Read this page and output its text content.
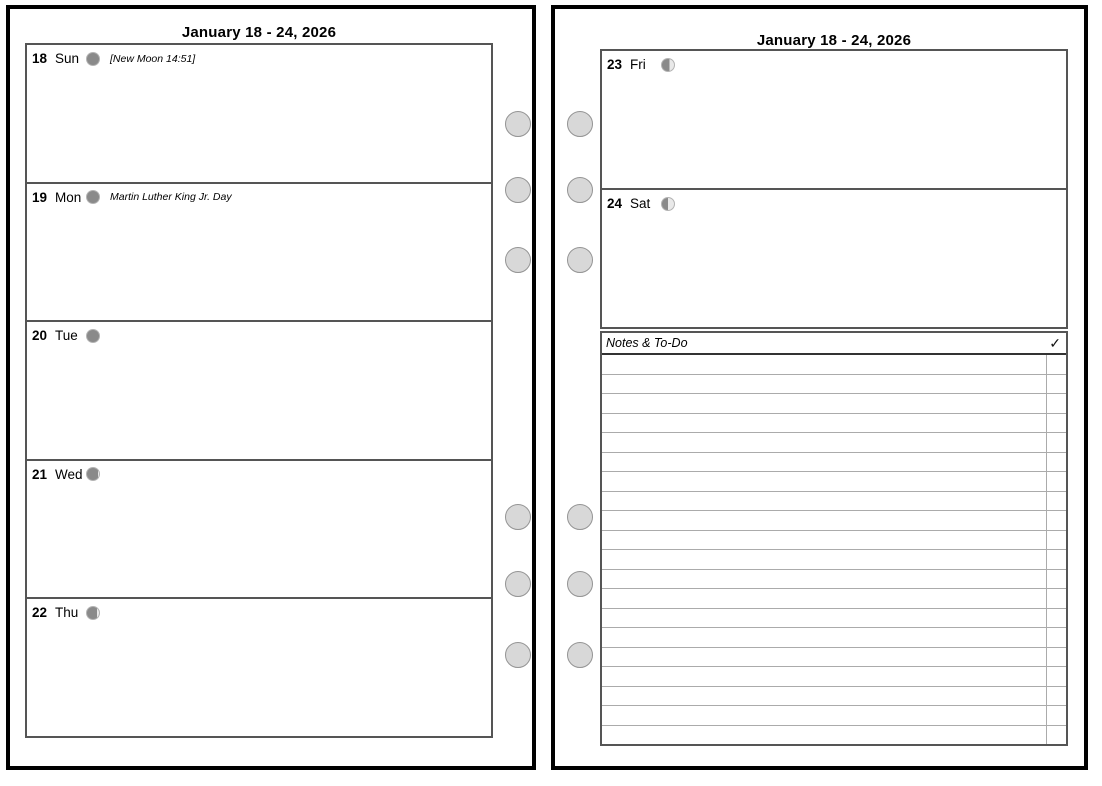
January 18 - 24, 2026
18 Sun	[New Moon 14:51]
19 Mon	Martin Luther King Jr. Day
20 Tue
21 Wed
22 Thu
January 18 - 24, 2026
23 Fri
24 Sat
Notes & To-Do	✓
